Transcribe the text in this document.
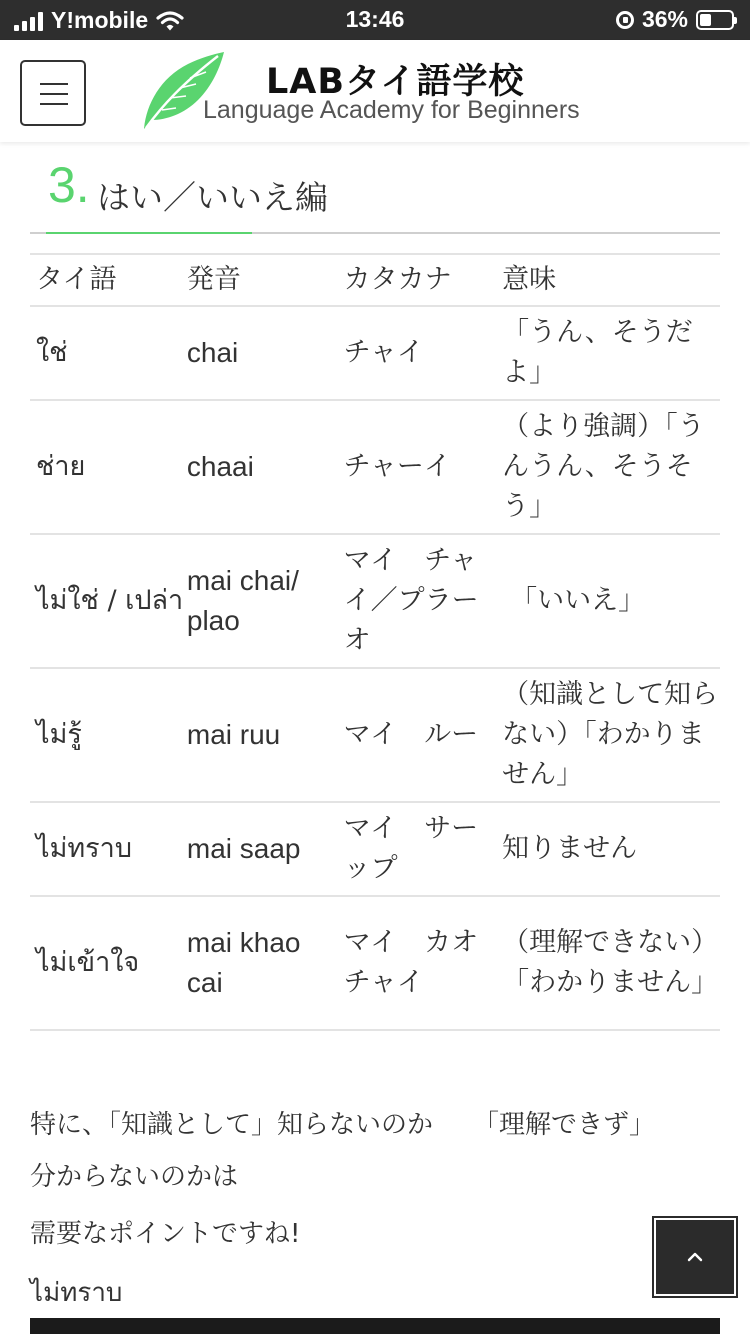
Y!mobile	13:46	36%
LABタイ語学校
Language Academy for Beginners
3. はい／いいえ編
タイ語	発音	カタカナ	意味
ใช่	chai	チャイ	「うん、そうだよ」
ช่าย	chaai	チャーイ	（より強調）「うんうん、そうそう」
ไม่ใช่ / เปล่า	mai chai/ plao	マイ　チャイ／プラーオ	「いいえ」
ไม่รู้	mai ruu	マイ　ルー	（知識として知らない）「わかりません」
ไม่ทราบ	mai saap	マイ　サーップ	知りません
ไม่เข้าใจ	mai khao cai	マイ　カオチャイ	（理解できない）「わかりません」
特に、「知識として」知らないのか 「理解できず」
分からないのかは
需要なポイントですね!
ไม่ทราบ
